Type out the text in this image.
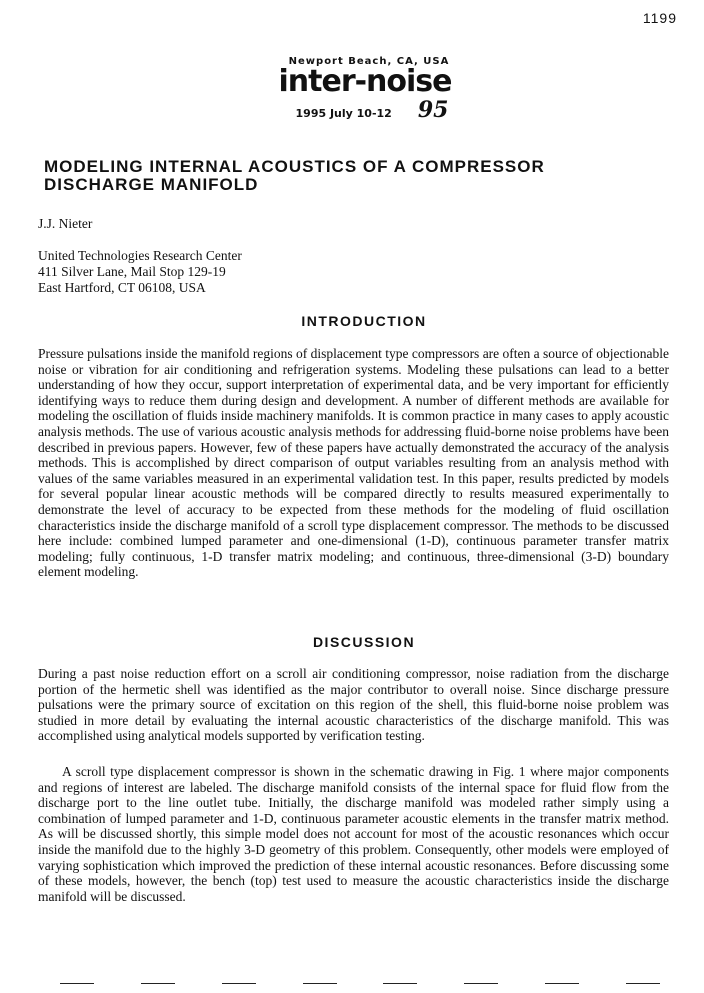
1199
Newport Beach, CA, USA
inter-noise
1995 July 10-12 95
MODELING INTERNAL ACOUSTICS OF A COMPRESSOR
DISCHARGE MANIFOLD
J.J. Nieter
United Technologies Research Center
411 Silver Lane, Mail Stop 129-19
East Hartford, CT 06108, USA
INTRODUCTION

Pressure pulsations inside the manifold regions of displacement type compressors are often a source of objectionable noise or vibration for air conditioning and refrigeration systems. Modeling these pulsations can lead to a better understanding of how they occur, support interpretation of experimental data, and be very important for efficiently identifying ways to reduce them during design and development. A number of different methods are available for modeling the oscillation of fluids inside machinery manifolds. It is common practice in many cases to apply acoustic analysis methods. The use of various acoustic analysis methods for addressing fluid-borne noise problems have been described in previous papers. However, few of these papers have actually demonstrated the accuracy of the analysis methods. This is accomplished by direct comparison of output variables resulting from an analysis method with values of the same variables measured in an experimental validation test. In this paper, results predicted by models for several popular linear acoustic methods will be compared directly to results measured experimentally to demonstrate the level of accuracy to be expected from these methods for the modeling of fluid oscillation characteristics inside the discharge manifold of a scroll type displacement compressor. The methods to be discussed here include: combined lumped parameter and one-dimensional (1-D), continuous parameter transfer matrix modeling; fully continuous, 1-D transfer matrix modeling; and continuous, three-dimensional (3-D) boundary element modeling.

DISCUSSION

During a past noise reduction effort on a scroll air conditioning compressor, noise radiation from the discharge portion of the hermetic shell was identified as the major contributor to overall noise. Since discharge pressure pulsations were the primary source of excitation on this region of the shell, this fluid-borne noise problem was studied in more detail by evaluating the internal acoustic characteristics of the discharge manifold. This was accomplished using analytical models supported by verification testing.

A scroll type displacement compressor is shown in the schematic drawing in Fig. 1 where major components and regions of interest are labeled. The discharge manifold consists of the internal space for fluid flow from the discharge port to the line outlet tube. Initially, the discharge manifold was modeled rather simply using a combination of lumped parameter and 1-D, continuous parameter acoustic elements in the transfer matrix method. As will be discussed shortly, this simple model does not account for most of the acoustic resonances which occur inside the manifold due to the highly 3-D geometry of this problem. Consequently, other models were employed of varying sophistication which improved the prediction of these internal acoustic resonances. Before discussing some of these models, however, the bench (top) test used to measure the acoustic characteristics inside the discharge manifold will be discussed.
